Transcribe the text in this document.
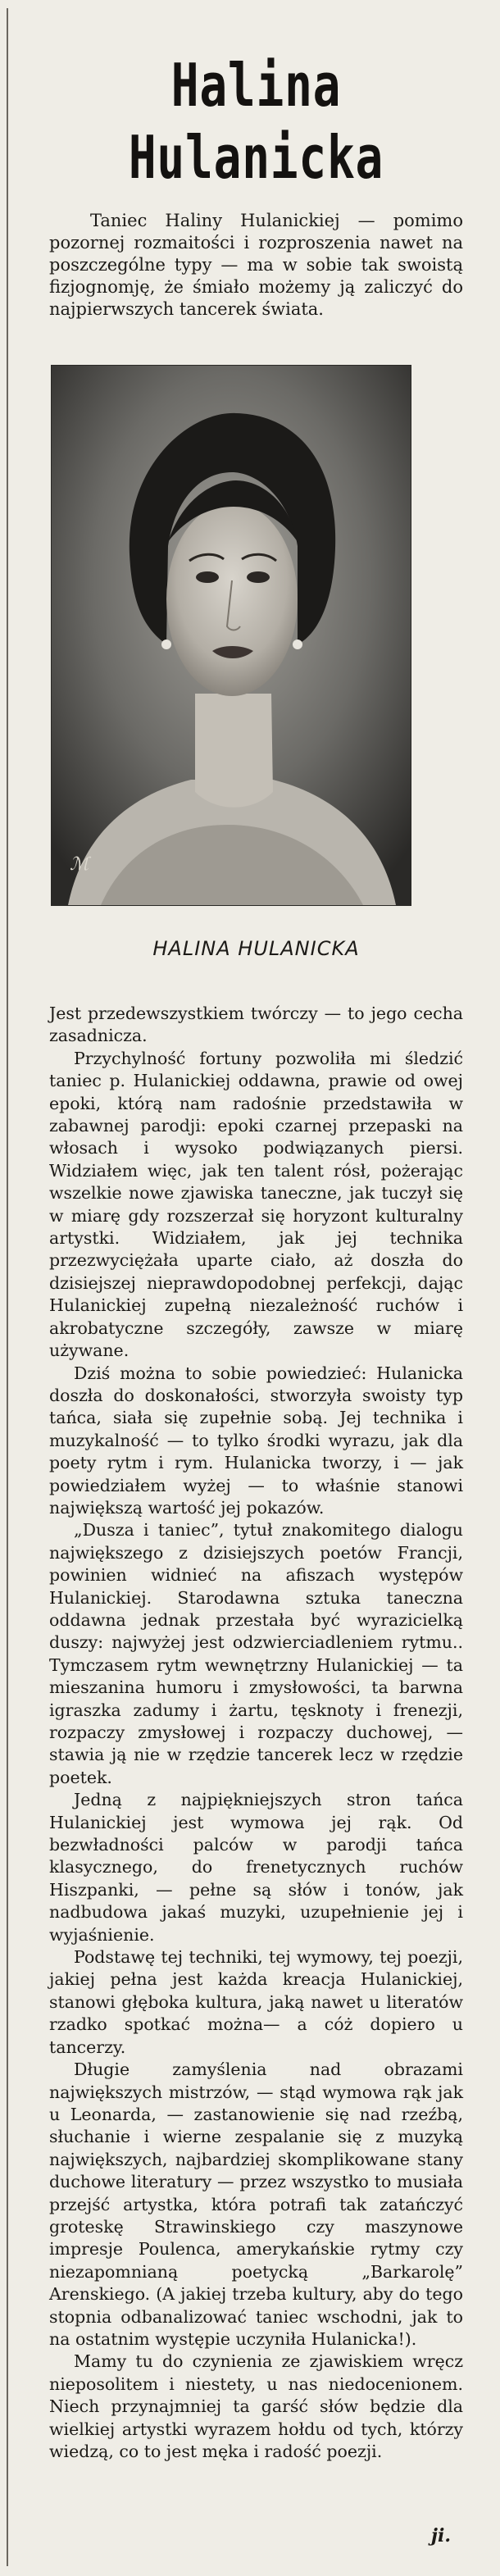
Halina Hulanicka

Taniec Haliny Hulanickiej — pomimo pozornej rozmaitości i rozproszenia nawet na poszczególne typy — ma w sobie tak swoistą fizjognomję, że śmiało możemy ją zaliczyć do najpierwszych tancerek świata.

ℳ
HALINA HULANICKA

Jest przedewszystkiem twórczy — to jego cecha zasadnicza.

Przychylność fortuny pozwoliła mi śledzić taniec p. Hulanickiej oddawna, prawie od owej epoki, którą nam radośnie przedstawiła w zabawnej parodji: epoki czarnej przepaski na włosach i wysoko podwiązanych piersi. Widziałem więc, jak ten talent rósł, pożerając wszelkie nowe zjawiska taneczne, jak tuczył się w miarę gdy rozszerzał się horyzont kulturalny artystki. Widziałem, jak jej technika przezwyciężała uparte ciało, aż doszła do dzisiejszej nieprawdopodobnej perfekcji, dając Hulanickiej zupełną niezależność ruchów i akrobatyczne szczegóły, zawsze w miarę używane.

Dziś można to sobie powiedzieć: Hulanicka doszła do doskonałości, stworzyła swoisty typ tańca, siała się zupełnie sobą. Jej technika i muzykalność — to tylko środki wyrazu, jak dla poety rytm i rym. Hulanicka tworzy, i — jak powiedziałem wyżej — to właśnie stanowi największą wartość jej pokazów.

„Dusza i taniec”, tytuł znakomitego dialogu największego z dzisiejszych poetów Francji, powinien widnieć na afiszach występów Hulanickiej. Starodawna sztuka taneczna oddawna jednak przestała być wyrazicielką duszy: najwyżej jest odzwierciadleniem rytmu.. Tymczasem rytm wewnętrzny Hulanickiej — ta mieszanina humoru i zmysłowości, ta barwna igraszka zadumy i żartu, tęsknoty i frenezji, rozpaczy zmysłowej i rozpaczy duchowej, — stawia ją nie w rzędzie tancerek lecz w rzędzie poetek.

Jedną z najpiękniejszych stron tańca Hulanickiej jest wymowa jej rąk. Od bezwładności palców w parodji tańca klasycznego, do frenetycznych ruchów Hiszpanki, — pełne są słów i tonów, jak nadbudowa jakaś muzyki, uzupełnienie jej i wyjaśnienie.

Podstawę tej techniki, tej wymowy, tej poezji, jakiej pełna jest każda kreacja Hulanickiej, stanowi głęboka kultura, jaką nawet u literatów rzadko spotkać można— a cóż dopiero u tancerzy.

Długie zamyślenia nad obrazami największych mistrzów, — stąd wymowa rąk jak u Leonarda, — zastanowienie się nad rzeźbą, słuchanie i wierne zespalanie się z muzyką największych, najbardziej skomplikowane stany duchowe literatury — przez wszystko to musiała przejść artystka, która potrafi tak zatańczyć groteskę Strawinskiego czy maszynowe impresje Poulenca, amerykańskie rytmy czy niezapomnianą poetycką „Barkarolę” Arenskiego. (A jakiej trzeba kultury, aby do tego stopnia odbanalizować taniec wschodni, jak to na ostatnim występie uczyniła Hulanicka!).

Mamy tu do czynienia ze zjawiskiem wręcz nieposolitem i niestety, u nas niedocenionem. Niech przynajmniej ta garść słów będzie dla wielkiej artystki wyrazem hołdu od tych, którzy wiedzą, co to jest męka i radość poezji.

ji.
